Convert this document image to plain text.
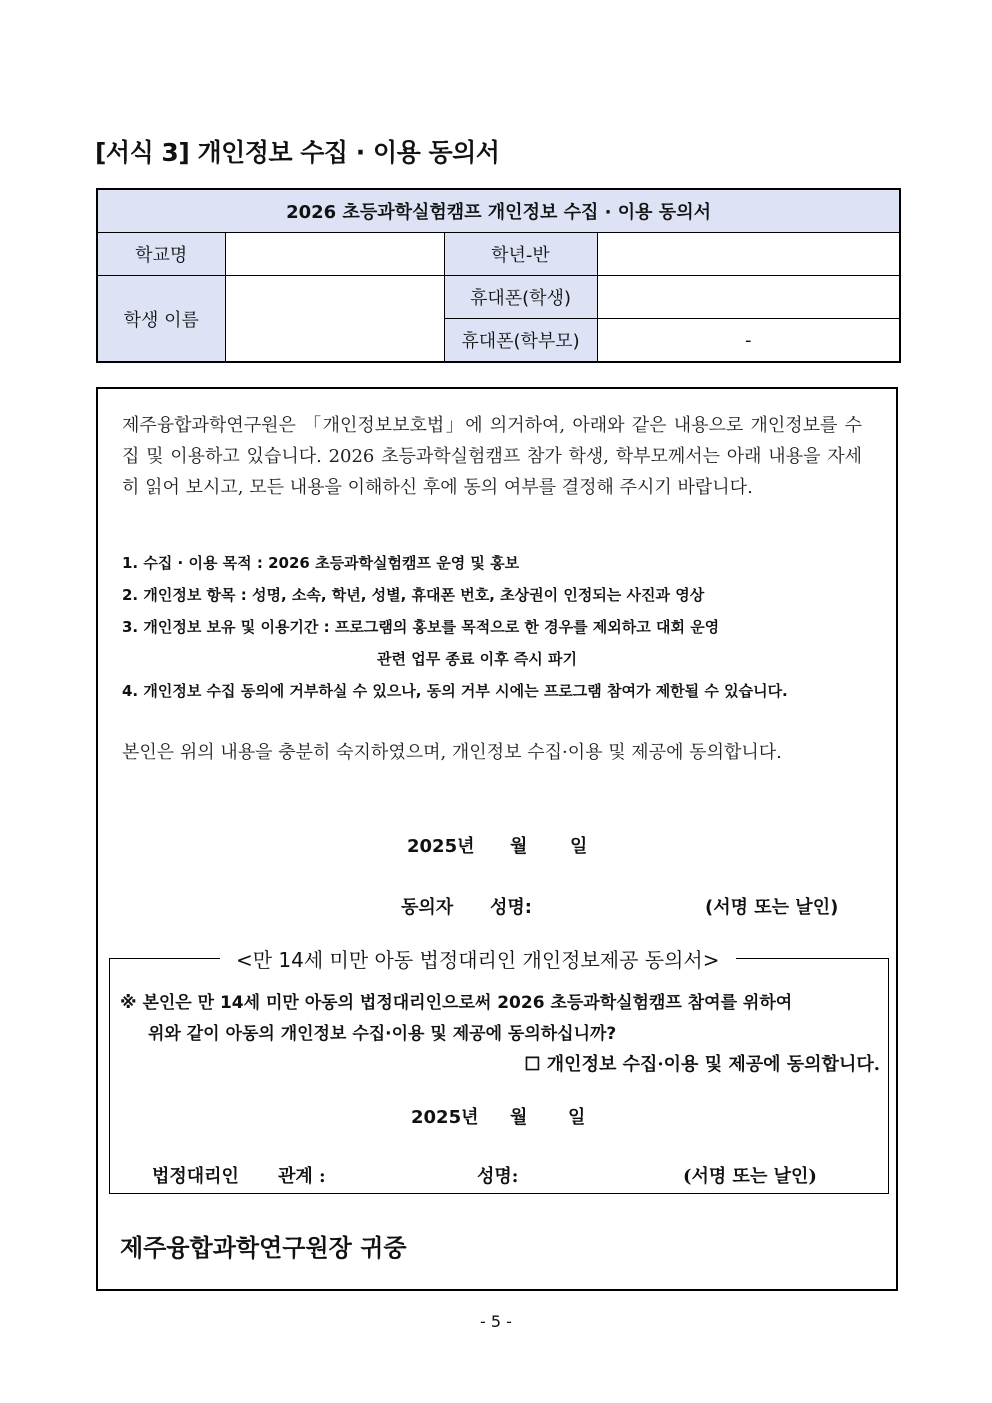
[서식 3] 개인정보 수집 · 이용 동의서
2026 초등과학실험캠프 개인정보 수집 · 이용 동의서			
학교명		학년-반	
학생 이름		휴대폰(학생)	
		휴대폰(학부모)	-
제주융합과학연구원은 「개인정보보호법」에 의거하여, 아래와 같은 내용으로 개인정보를 수집 및 이용하고 있습니다. 2026 초등과학실험캠프 참가 학생, 학부모께서는 아래 내용을 자세히 읽어 보시고, 모든 내용을 이해하신 후에 동의 여부를 결정해 주시기 바랍니다.
1. 수집 · 이용 목적 : 2026 초등과학실험캠프 운영 및 홍보
2. 개인정보 항목 : 성명, 소속, 학년, 성별, 휴대폰 번호, 초상권이 인정되는 사진과 영상
3. 개인정보 보유 및 이용기간 : 프로그램의 홍보를 목적으로 한 경우를 제외하고 대회 운영
관련 업무 종료 이후 즉시 파기
4. 개인정보 수집 동의에 거부하실 수 있으나, 동의 거부 시에는 프로그램 참여가 제한될 수 있습니다.
본인은 위의 내용을 충분히 숙지하였으며, 개인정보 수집·이용 및 제공에 동의합니다.
2025년 월 일
동의자 성명:	(서명 또는 날인)
<만 14세 미만 아동 법정대리인 개인정보제공 동의서>
※ 본인은 만 14세 미만 아동의 법정대리인으로써 2026 초등과학실험캠프 참여를 위하여
위와 같이 아동의 개인정보 수집·이용 및 제공에 동의하십니까?
☐ 개인정보 수집·이용 및 제공에 동의합니다.
2025년 월 일
법정대리인 관계 :	성명:	(서명 또는 날인)
제주융합과학연구원장 귀중
- 5 -
